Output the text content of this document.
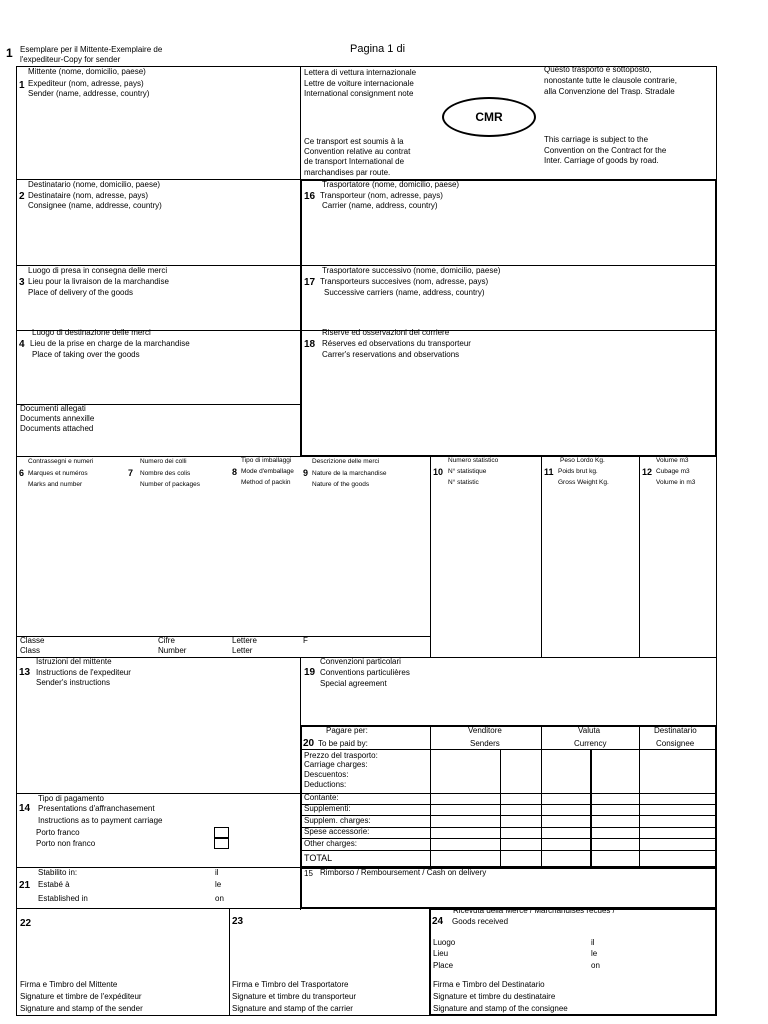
1 Esemplare per il Mittente-Exemplaire de
l'expediteur-Copy for sender
Pagina 1 di
1
Mittente (nome, domicilio, paese)
Expediteur (nom, adresse, pays)
Sender (name, addresse, country)
Lettera di vettura internazionale
Lettre de voiture internacionale
International consignment note
CMR
Questo trasporto è sottoposto,
nonostante tutte le clausole contrarie,
alla Convenzione del Trasp. Stradale
Ce transport est soumis à la
Convention relative au contrat
de transport International de
marchandises par route.
This carriage is subject to the
Convention on the Contract for the
Inter. Carriage of goods by road.
Destinatario (nome, domicilio, paese)
2 Destinataire (nom, adresse, pays)
Consignee (name, addresse, country)
Trasportatore (nome, domicilio, paese)
16 Transporteur (nom, adresse, pays)
Carrier (name, address, country)
Luogo di presa in consegna delle merci
3 Lieu pour la livraison de la marchandise
Place of delivery of the goods
Trasportatore successivo (nome, domicilio, paese)
17 Transporteurs succesives (nom, adresse, pays)
Successive carriers (name, address, country)
Luogo di destinazione delle merci
4 Lieu de la prise en charge de la marchandise
Place of taking over the goods
Riserve ed osservazioni del corriere
18 Réserves ed observations du transporteur
Carrer's reservations and observations
Documenti allegati
Documents annexille
Documents attached
Contrassegni e numeri
6 Marques et numéros
Marks and number
Numero dei colli
7 Nombre des colis
Number of packages
Tipo di imballaggi
8 Mode d'emballage
Method of packin
Descrizione delle merci
9 Nature de la marchandise
Nature of the goods
Numero statistico
10 N° statistique
N° statistic
Peso Lordo Kg.
11 Poids brut kg.
Gross Weight Kg.
Volume m3
12 Cubage m3
Volume in m3
Classe
Class
Cifre
Number
Lettere
Letter
F
Istruzioni del mittente
13 Instructions de l'expediteur
Sender's instructions
Convenzioni particolari
19 Conventions particulières
Special agreement
Pagare per:
20 To be paid by:
Venditore
Senders
Valuta
Currency
Destinatario
Consignee
Prezzo del trasporto:
Carriage charges:
Descuentos:
Deductions:
Contante:
Supplementi:
Supplem. charges:
Spese accessorie:
Other charges:
TOTAL
Tipo di pagamento
14 Presentations d'affranchasement
Instructions as to payment carriage
Porto franco
Porto non franco
Stabilito in:
21 Estabé à
Established in
il
le
on
15 Rimborso / Remboursement / Cash on delivery
22
Firma e Timbro del Mittente
Signature et timbre de l'expéditeur
Signature and stamp of the sender
23
Firma e Timbro del Trasportatore
Signature et timbre du transporteur
Signature and stamp of the carrier
Ricevuta della Merce / Marchandises recues /
24 Goods received
Luogo
Lieu
Place
il
le
on
Firma e Timbro del Destinatario
Signature et timbre du destinataire
Signature and stamp of the consignee
